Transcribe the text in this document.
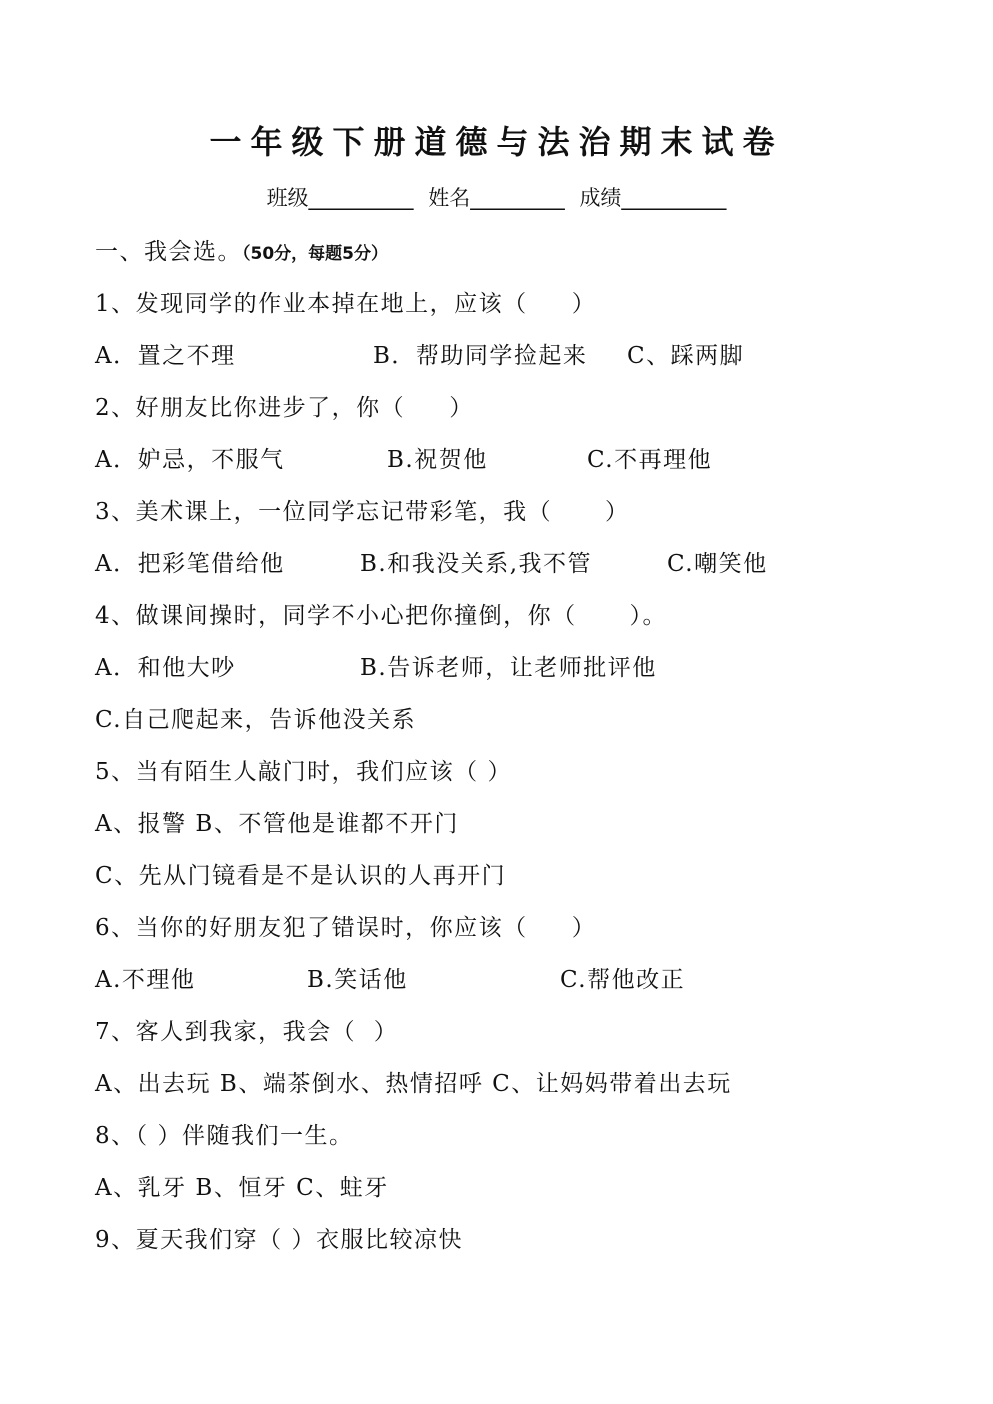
一年级下册道德与法治期末试卷
班级__________ 姓名_________ 成绩__________
一、我会选。（50分，每题5分）
1、发现同学的作业本掉在地上，应该（     ）
A．置之不理	B．帮助同学捡起来 C、踩两脚
2、好朋友比你进步了，你（     ）
A．妒忌，不服气	B.祝贺他	C.不再理他
3、美术课上，一位同学忘记带彩笔，我（      ）
A．把彩笔借给他	B.和我没关系,我不管	C.嘲笑他
4、做课间操时，同学不小心把你撞倒，你（      ）。
A．和他大吵	B.告诉老师，让老师批评他
C.自己爬起来，告诉他没关系
5、当有陌生人敲门时，我们应该（ ）
A、报警 B、不管他是谁都不开门
C、先从门镜看是不是认识的人再开门
6、当你的好朋友犯了错误时，你应该（     ）
A.不理他	B.笑话他	C.帮他改正
7、客人到我家，我会（  ）
A、出去玩 B、端茶倒水、热情招呼 C、让妈妈带着出去玩
8、（ ）伴随我们一生。
A、乳牙 B、恒牙 C、蛀牙
9、夏天我们穿（ ）衣服比较凉快
